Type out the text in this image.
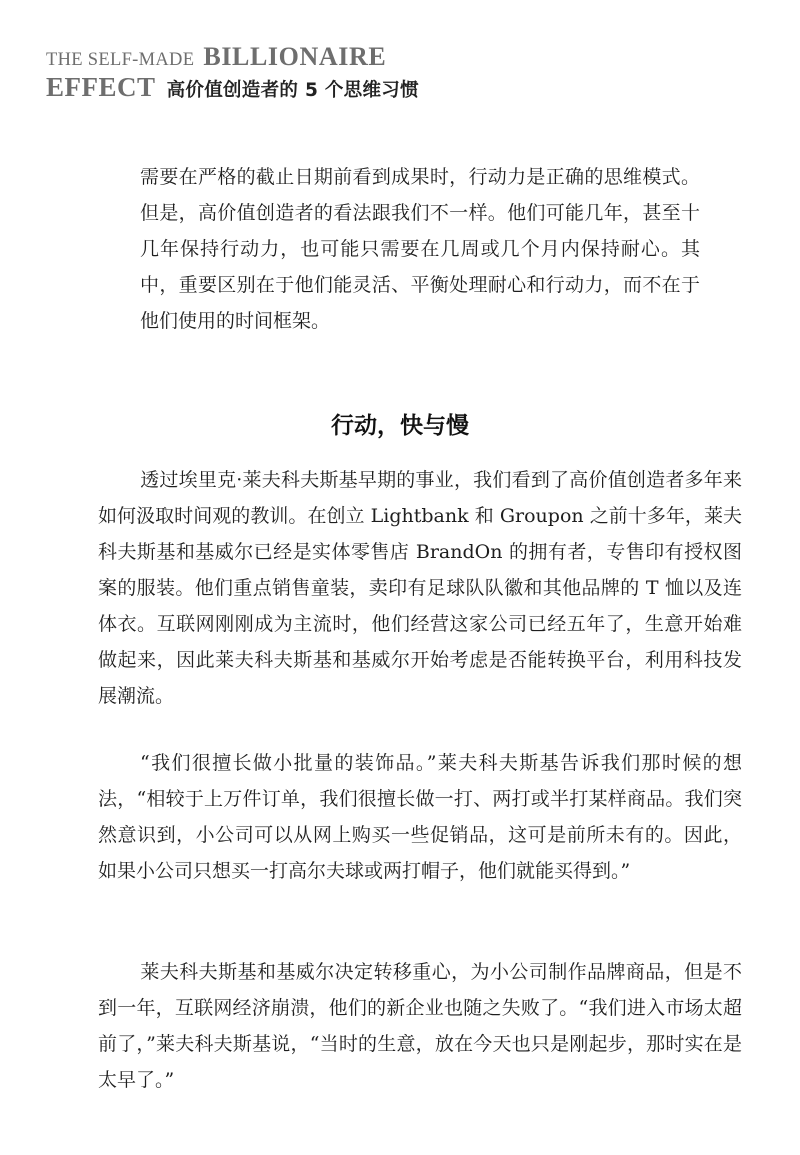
THE SELF-MADE BILLIONAIRE
EFFECT 高价值创造者的 5 个思维习惯

需要在严格的截止日期前看到成果时，行动力是正确的思维模式。但是，高价值创造者的看法跟我们不一样。他们可能几年，甚至十几年保持行动力，也可能只需要在几周或几个月内保持耐心。其中，重要区别在于他们能灵活、平衡处理耐心和行动力，而不在于他们使用的时间框架。

行动，快与慢

透过埃里克·莱夫科夫斯基早期的事业，我们看到了高价值创造者多年来如何汲取时间观的教训。在创立 Lightbank 和 Groupon 之前十多年，莱夫科夫斯基和基威尔已经是实体零售店 BrandOn 的拥有者，专售印有授权图案的服装。他们重点销售童装，卖印有足球队队徽和其他品牌的 T 恤以及连体衣。互联网刚刚成为主流时，他们经营这家公司已经五年了，生意开始难做起来，因此莱夫科夫斯基和基威尔开始考虑是否能转换平台，利用科技发展潮流。

“我们很擅长做小批量的装饰品。”莱夫科夫斯基告诉我们那时候的想法，“相较于上万件订单，我们很擅长做一打、两打或半打某样商品。我们突然意识到，小公司可以从网上购买一些促销品，这可是前所未有的。因此，如果小公司只想买一打高尔夫球或两打帽子，他们就能买得到。”

莱夫科夫斯基和基威尔决定转移重心，为小公司制作品牌商品，但是不到一年，互联网经济崩溃，他们的新企业也随之失败了。“我们进入市场太超前了，”莱夫科夫斯基说，“当时的生意，放在今天也只是刚起步，那时实在是太早了。”
